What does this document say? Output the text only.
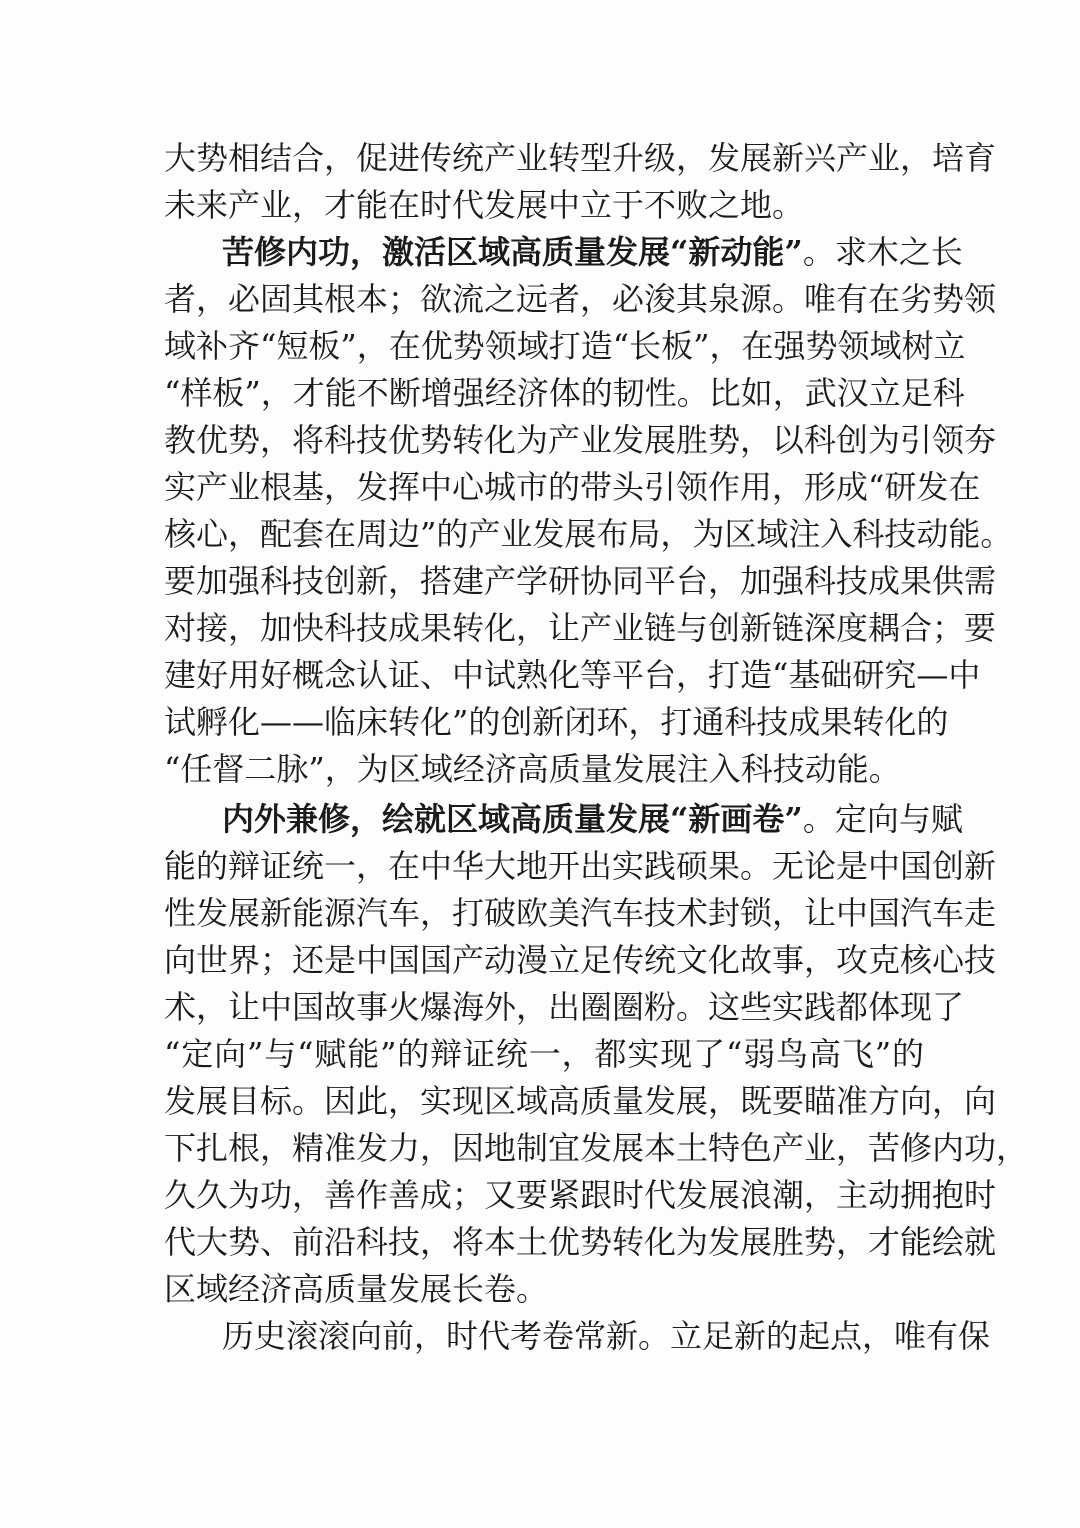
大势相结合，促进传统产业转型升级，发展新兴产业，培育
未来产业，才能在时代发展中立于不败之地。
苦修内功，激活区域高质量发展“新动能”。求木之长
者，必固其根本；欲流之远者，必浚其泉源。唯有在劣势领
域补齐“短板”，在优势领域打造“长板”，在强势领域树立
“样板”，才能不断增强经济体的韧性。比如，武汉立足科
教优势，将科技优势转化为产业发展胜势，以科创为引领夯
实产业根基，发挥中心城市的带头引领作用，形成“研发在
核心，配套在周边”的产业发展布局，为区域注入科技动能。
要加强科技创新，搭建产学研协同平台，加强科技成果供需
对接，加快科技成果转化，让产业链与创新链深度耦合；要
建好用好概念认证、中试熟化等平台，打造“基础研究—中
试孵化——临床转化”的创新闭环，打通科技成果转化的
“任督二脉”，为区域经济高质量发展注入科技动能。
内外兼修，绘就区域高质量发展“新画卷”。定向与赋
能的辩证统一，在中华大地开出实践硕果。无论是中国创新
性发展新能源汽车，打破欧美汽车技术封锁，让中国汽车走
向世界；还是中国国产动漫立足传统文化故事，攻克核心技
术，让中国故事火爆海外，出圈圈粉。这些实践都体现了
“定向”与“赋能”的辩证统一，都实现了“弱鸟高飞”的
发展目标。因此，实现区域高质量发展，既要瞄准方向，向
下扎根，精准发力，因地制宜发展本土特色产业，苦修内功，
久久为功，善作善成；又要紧跟时代发展浪潮，主动拥抱时
代大势、前沿科技，将本土优势转化为发展胜势，才能绘就
区域经济高质量发展长卷。
历史滚滚向前，时代考卷常新。立足新的起点，唯有保
